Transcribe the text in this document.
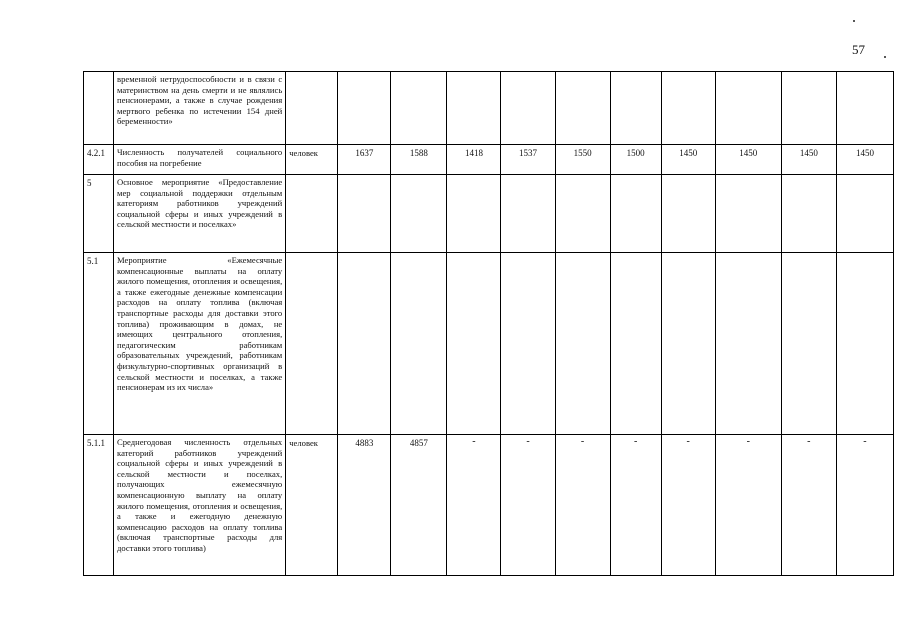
57
	временной нетрудоспособности и в связи с материнством на день смерти и не являлись пенсионерами, а также в случае рождения мертвого ребенка по истечении 154 дней беременности»											
4.2.1	Численность получателей социального пособия на погребение	человек	1637	1588	1418	1537	1550	1500	1450	1450	1450	1450
5	Основное мероприятие «Предоставление мер социальной поддержки отдельным категориям работников учреждений социальной сферы и иных учреждений в сельской местности и поселках»											
5.1	Мероприятие «Ежемесячные компенсационные выплаты на оплату жилого помещения, отопления и освещения, а также ежегодные денежные компенсации расходов на оплату топлива (включая транспортные расходы для доставки этого топлива) проживающим в домах, не имеющих центрального отопления, педагогическим работникам образовательных учреждений, работникам физкультурно-спортивных организаций в сельской местности и поселках, а также пенсионерам из их числа»											
5.1.1	Среднегодовая численность отдельных категорий работников учреждений социальной сферы и иных учреждений в сельской местности и поселках, получающих ежемесячную компенсационную выплату на оплату жилого помещения, отопления и освещения, а также и ежегодную денежную компенсацию расходов на оплату топлива (включая транспортные расходы для доставки этого топлива)	человек	4883	4857	-	-	-	-	-	-	-	-
